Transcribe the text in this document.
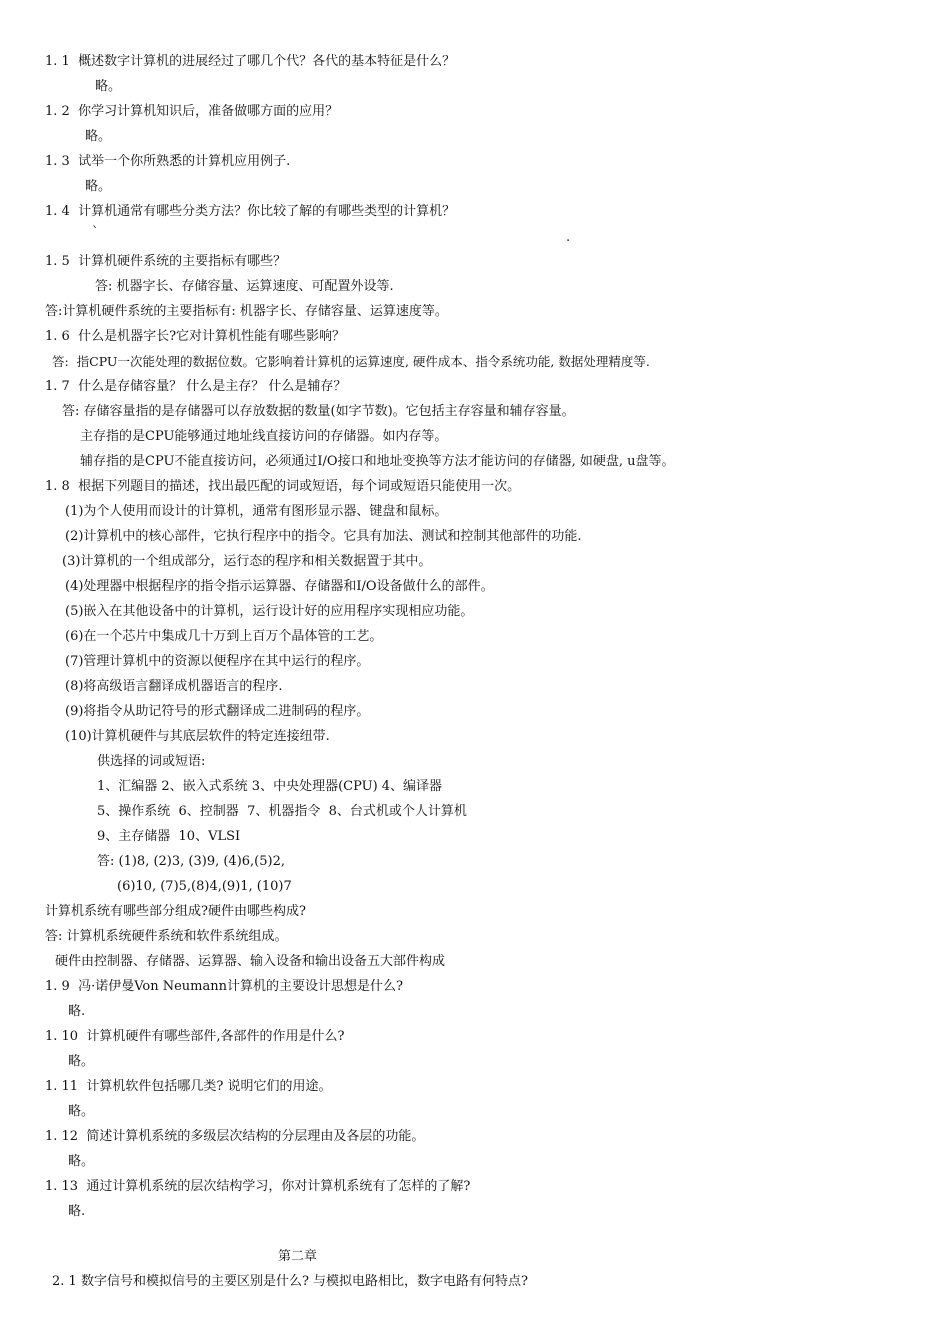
1. 1  概述数字计算机的进展经过了哪几个代？各代的基本特征是什么？
略。
1. 2  你学习计算机知识后，准备做哪方面的应用？
略。
1. 3  试举一个你所熟悉的计算机应用例子.
略。
1. 4  计算机通常有哪些分类方法？你比较了解的有哪些类型的计算机？
`	.
1. 5  计算机硬件系统的主要指标有哪些？
答: 机器字长、存储容量、运算速度、可配置外设等.
答:计算机硬件系统的主要指标有: 机器字长、存储容量、运算速度等。
1. 6  什么是机器字长?它对计算机性能有哪些影响？
答:  指CPU一次能处理的数据位数。它影响着计算机的运算速度, 硬件成本、指令系统功能, 数据处理精度等.
1. 7  什么是存储容量？ 什么是主存？ 什么是辅存？
答: 存储容量指的是存储器可以存放数据的数量(如字节数)。它包括主存容量和辅存容量。
主存指的是CPU能够通过地址线直接访问的存储器。如内存等。
辅存指的是CPU不能直接访问，必须通过I/O接口和地址变换等方法才能访问的存储器, 如硬盘, u盘等。
1. 8  根据下列题目的描述，找出最匹配的词或短语，每个词或短语只能使用一次。
(1)为个人使用而设计的计算机，通常有图形显示器、键盘和鼠标。
(2)计算机中的核心部件，它执行程序中的指令。它具有加法、测试和控制其他部件的功能.
(3)计算机的一个组成部分，运行态的程序和相关数据置于其中。
(4)处理器中根据程序的指令指示运算器、存储器和I/O设备做什么的部件。
(5)嵌入在其他设备中的计算机，运行设计好的应用程序实现相应功能。
(6)在一个芯片中集成几十万到上百万个晶体管的工艺。
(7)管理计算机中的资源以便程序在其中运行的程序。
(8)将高级语言翻译成机器语言的程序.
(9)将指令从助记符号的形式翻译成二进制码的程序。
(10)计算机硬件与其底层软件的特定连接纽带.
供选择的词或短语:
1、汇编器 2、嵌入式系统 3、中央处理器(CPU) 4、编译器
5、操作系统  6、控制器  7、机器指令  8、台式机或个人计算机
9、主存储器  10、VLSI
答: (1)8, (2)3, (3)9, (4)6,(5)2,
(6)10, (7)5,(8)4,(9)1, (10)7
计算机系统有哪些部分组成?硬件由哪些构成?
答: 计算机系统硬件系统和软件系统组成。
硬件由控制器、存储器、运算器、输入设备和输出设备五大部件构成
1. 9  冯·诺伊曼Von Neumann计算机的主要设计思想是什么?
略.
1. 10  计算机硬件有哪些部件,各部件的作用是什么?
略。
1. 11  计算机软件包括哪几类? 说明它们的用途。
略。
1. 12  简述计算机系统的多级层次结构的分层理由及各层的功能。
略。
1. 13  通过计算机系统的层次结构学习，你对计算机系统有了怎样的了解?
略.
第二章
2. 1 数字信号和模拟信号的主要区别是什么? 与模拟电路相比，数字电路有何特点?
